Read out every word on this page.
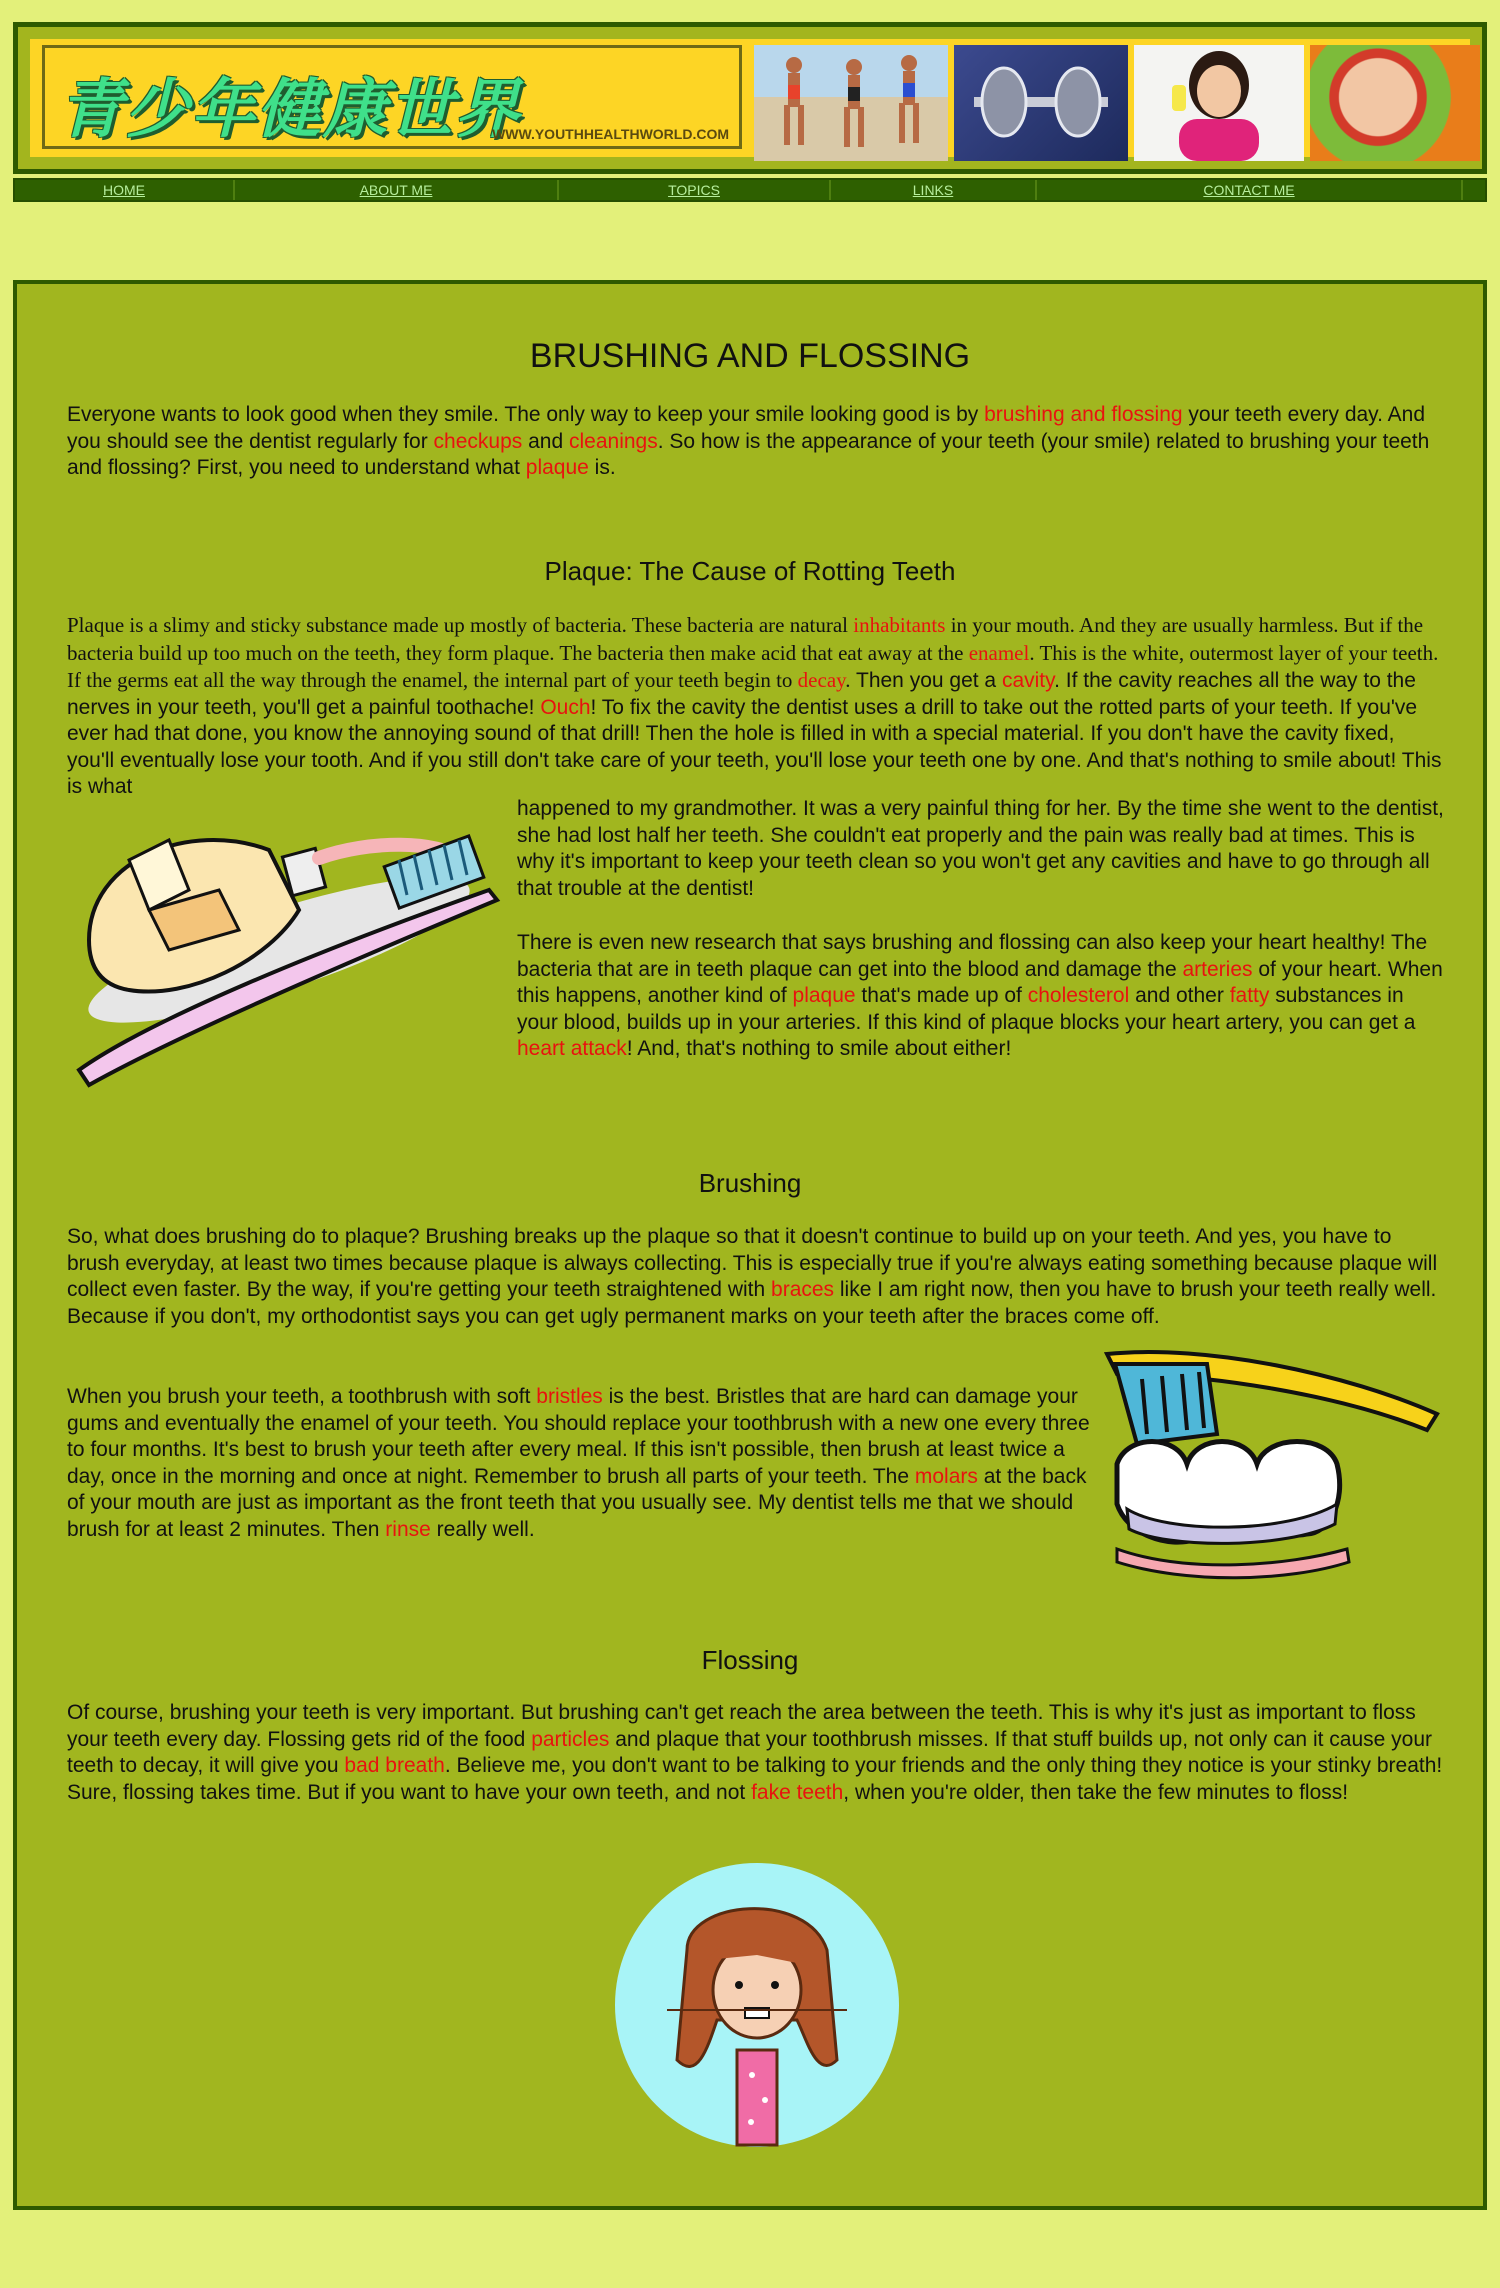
青少年健康世界
WWW.YOUTHHEALTHWORLD.COM
HOME	ABOUT ME	TOPICS	LINKS	CONTACT ME
BRUSHING AND FLOSSING

Everyone wants to look good when they smile. The only way to keep your smile looking good is by brushing and flossing your teeth every day. And you should see the dentist regularly for checkups and cleanings. So how is the appearance of your teeth (your smile) related to brushing your teeth and flossing? First, you need to understand what plaque is.

Plaque: The Cause of Rotting Teeth

Plaque is a slimy and sticky substance made up mostly of bacteria. These bacteria are natural inhabitants in your mouth. And they are usually harmless. But if the bacteria build up too much on the teeth, they form plaque. The bacteria then make acid that eat away at the enamel. This is the white, outermost layer of your teeth. If the germs eat all the way through the enamel, the internal part of your teeth begin to decay. Then you get a cavity. If the cavity reaches all the way to the nerves in your teeth, you'll get a painful toothache! Ouch! To fix the cavity the dentist uses a drill to take out the rotted parts of your teeth. If you've ever had that done, you know the annoying sound of that drill! Then the hole is filled in with a special material. If you don't have the cavity fixed, you'll eventually lose your tooth. And if you still don't take care of your teeth, you'll lose your teeth one by one. And that's nothing to smile about! This is what

happened to my grandmother. It was a very painful thing for her. By the time she went to the dentist, she had lost half her teeth. She couldn't eat properly and the pain was really bad at times. This is why it's important to keep your teeth clean so you won't get any cavities and have to go through all that trouble at the dentist!

There is even new research that says brushing and flossing can also keep your heart healthy! The bacteria that are in teeth plaque can get into the blood and damage the arteries of your heart. When this happens, another kind of plaque that's made up of cholesterol and other fatty substances in your blood, builds up in your arteries. If this kind of plaque blocks your heart artery, you can get a heart attack! And, that's nothing to smile about either!

Brushing

So, what does brushing do to plaque? Brushing breaks up the plaque so that it doesn't continue to build up on your teeth. And yes, you have to brush everyday, at least two times because plaque is always collecting. This is especially true if you're always eating something because plaque will collect even faster. By the way, if you're getting your teeth straightened with braces like I am right now, then you have to brush your teeth really well. Because if you don't, my orthodontist says you can get ugly permanent marks on your teeth after the braces come off.

When you brush your teeth, a toothbrush with soft bristles is the best. Bristles that are hard can damage your gums and eventually the enamel of your teeth. You should replace your toothbrush with a new one every three to four months. It's best to brush your teeth after every meal. If this isn't possible, then brush at least twice a day, once in the morning and once at night. Remember to brush all parts of your teeth. The molars at the back of your mouth are just as important as the front teeth that you usually see. My dentist tells me that we should brush for at least 2 minutes. Then rinse really well.

Flossing

Of course, brushing your teeth is very important. But brushing can't get reach the area between the teeth. This is why it's just as important to floss your teeth every day. Flossing gets rid of the food particles and plaque that your toothbrush misses. If that stuff builds up, not only can it cause your teeth to decay, it will give you bad breath. Believe me, you don't want to be talking to your friends and the only thing they notice is your stinky breath! Sure, flossing takes time. But if you want to have your own teeth, and not fake teeth, when you're older, then take the few minutes to floss!
